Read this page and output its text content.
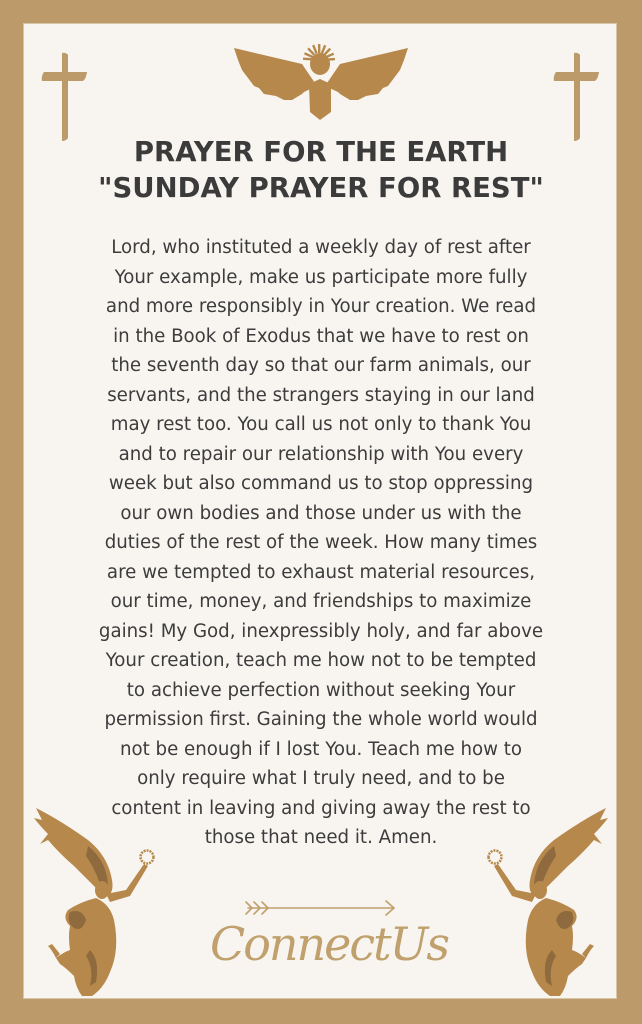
PRAYER FOR THE EARTH
"SUNDAY PRAYER FOR REST"
Lord, who instituted a weekly day of rest after
Your example, make us participate more fully
and more responsibly in Your creation. We read
in the Book of Exodus that we have to rest on
the seventh day so that our farm animals, our
servants, and the strangers staying in our land
may rest too. You call us not only to thank You
and to repair our relationship with You every
week but also command us to stop oppressing
our own bodies and those under us with the
duties of the rest of the week. How many times
are we tempted to exhaust material resources,
our time, money, and friendships to maximize
gains! My God, inexpressibly holy, and far above
Your creation, teach me how not to be tempted
to achieve perfection without seeking Your
permission first. Gaining the whole world would
not be enough if I lost You. Teach me how to
only require what I truly need, and to be
content in leaving and giving away the rest to
those that need it. Amen.
ConnectUs
